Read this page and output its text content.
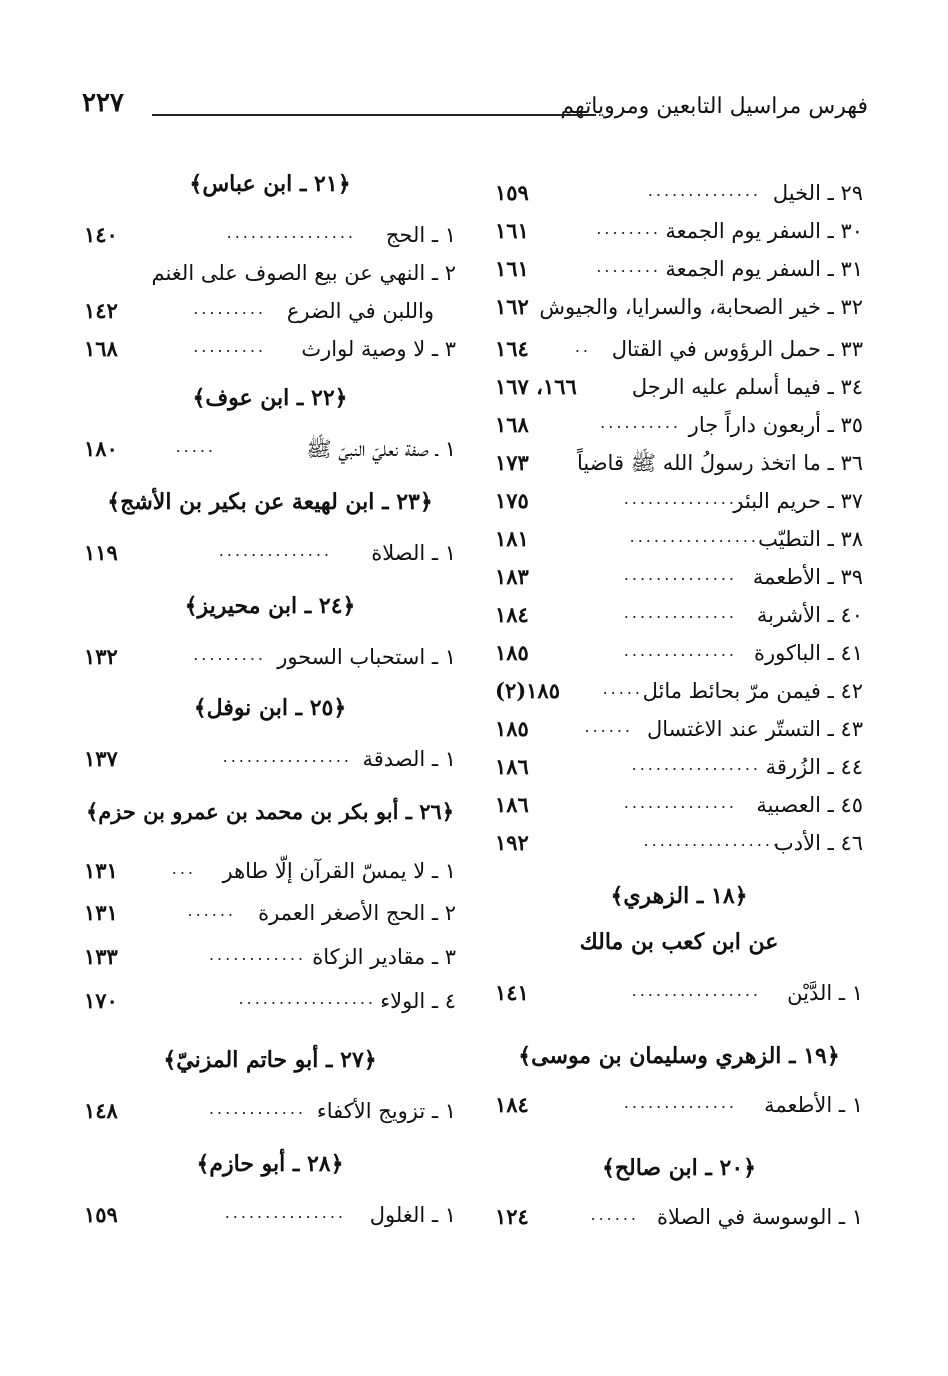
فهرس مراسيل التابعين ومروياتهم
٢٢٧
٢٩ ـ الخيل
..............
١٥٩
٣٠ ـ السفر يوم الجمعة
........
١٦١
٣١ ـ السفر يوم الجمعة
........
١٦١
٣٢ ـ خير الصحابة، والسرايا، والجيوش
١٦٢
٣٣ ـ حمل الرؤوس في القتال
..
١٦٤
٣٤ ـ فيما أسلم عليه الرجل
١٦٦، ١٦٧
٣٥ ـ أربعون داراً جار
..........
١٦٨
٣٦ ـ ما اتخذ رسولُ الله ﷺ قاضياً
١٧٣
٣٧ ـ حريم البئر
...............
١٧٥
٣٨ ـ التطيّب
................
١٨١
٣٩ ـ الأطعمة
..............
١٨٣
٤٠ ـ الأشربة
..............
١٨٤
٤١ ـ الباكورة
..............
١٨٥
٤٢ ـ فيمن مرّ بحائط مائل
.....
١٨٥(٢)
٤٣ ـ التستّر عند الاغتسال
......
١٨٥
٤٤ ـ الزُرقة
................
١٨٦
٤٥ ـ العصبية
..............
١٨٦
٤٦ ـ الأدب
.................
١٩٢
﴿١٨ ـ الزهري﴾
عن ابن كعب بن مالك
١ ـ الدَّيْن
................
١٤١
﴿١٩ ـ الزهري وسليمان بن موسى﴾
١ ـ الأطعمة
..............
١٨٤
﴿٢٠ ـ ابن صالح﴾
١ ـ الوسوسة في الصلاة
......
١٢٤
﴿٢١ ـ ابن عباس﴾
١ ـ الحج
................
١٤٠
٢ ـ النهي عن بيع الصوف على الغنم
واللبن في الضرع
.........
١٤٢
٣ ـ لا وصية لوارث
.........
١٦٨
﴿٢٢ ـ ابن عوف﴾
١ ـ صفة نعليّ النبيّ ﷺ
.....
١٨٠
﴿٢٣ ـ ابن لهيعة عن بكير بن الأشج﴾
١ ـ الصلاة
..............
١١٩
﴿٢٤ ـ ابن محيريز﴾
١ ـ استحباب السحور
.........
١٣٢
﴿٢٥ ـ ابن نوفل﴾
١ ـ الصدقة
................
١٣٧
﴿٢٦ ـ أبو بكر بن محمد بن عمرو بن حزم﴾
١ ـ لا يمسّ القرآن إلّا طاهر
...
١٣١
٢ ـ الحج الأصغر العمرة
......
١٣١
٣ ـ مقادير الزكاة
............
١٣٣
٤ ـ الولاء
.................
١٧٠
﴿٢٧ ـ أبو حاتم المزنيّ﴾
١ ـ تزويج الأكفاء
............
١٤٨
﴿٢٨ ـ أبو حازم﴾
١ ـ الغلول
...............
١٥٩
